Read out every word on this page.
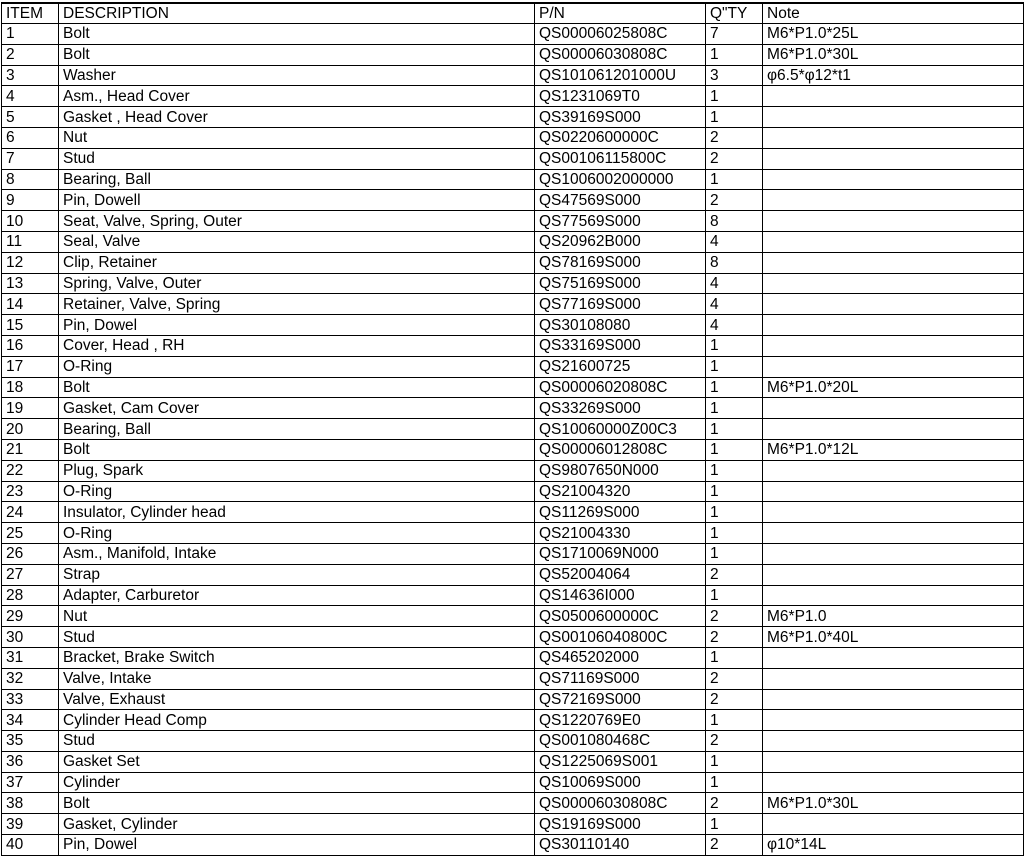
ITEM	DESCRIPTION	P/N	Q"TY	Note
1	Bolt	QS00006025808C	7	M6*P1.0*25L
2	Bolt	QS00006030808C	1	M6*P1.0*30L
3	Washer	QS101061201000U	3	φ6.5*φ12*t1
4	Asm., Head Cover	QS1231069T0	1	
5	Gasket , Head Cover	QS39169S000	1	
6	Nut	QS0220600000C	2	
7	Stud	QS00106115800C	2	
8	Bearing, Ball	QS1006002000000	1	
9	Pin, Dowell	QS47569S000	2	
10	Seat, Valve, Spring, Outer	QS77569S000	8	
11	Seal, Valve	QS20962B000	4	
12	Clip, Retainer	QS78169S000	8	
13	Spring, Valve, Outer	QS75169S000	4	
14	Retainer, Valve, Spring	QS77169S000	4	
15	Pin, Dowel	QS30108080	4	
16	Cover, Head , RH	QS33169S000	1	
17	O-Ring	QS21600725	1	
18	Bolt	QS00006020808C	1	M6*P1.0*20L
19	Gasket, Cam Cover	QS33269S000	1	
20	Bearing, Ball	QS10060000Z00C3	1	
21	Bolt	QS00006012808C	1	M6*P1.0*12L
22	Plug, Spark	QS9807650N000	1	
23	O-Ring	QS21004320	1	
24	Insulator, Cylinder head	QS11269S000	1	
25	O-Ring	QS21004330	1	
26	Asm., Manifold, Intake	QS1710069N000	1	
27	Strap	QS52004064	2	
28	Adapter, Carburetor	QS14636I000	1	
29	Nut	QS0500600000C	2	M6*P1.0
30	Stud	QS00106040800C	2	M6*P1.0*40L
31	Bracket, Brake Switch	QS465202000	1	
32	Valve, Intake	QS71169S000	2	
33	Valve, Exhaust	QS72169S000	2	
34	Cylinder Head Comp	QS1220769E0	1	
35	Stud	QS001080468C	2	
36	Gasket Set	QS1225069S001	1	
37	Cylinder	QS10069S000	1	
38	Bolt	QS00006030808C	2	M6*P1.0*30L
39	Gasket, Cylinder	QS19169S000	1	
40	Pin, Dowel	QS30110140	2	φ10*14L
